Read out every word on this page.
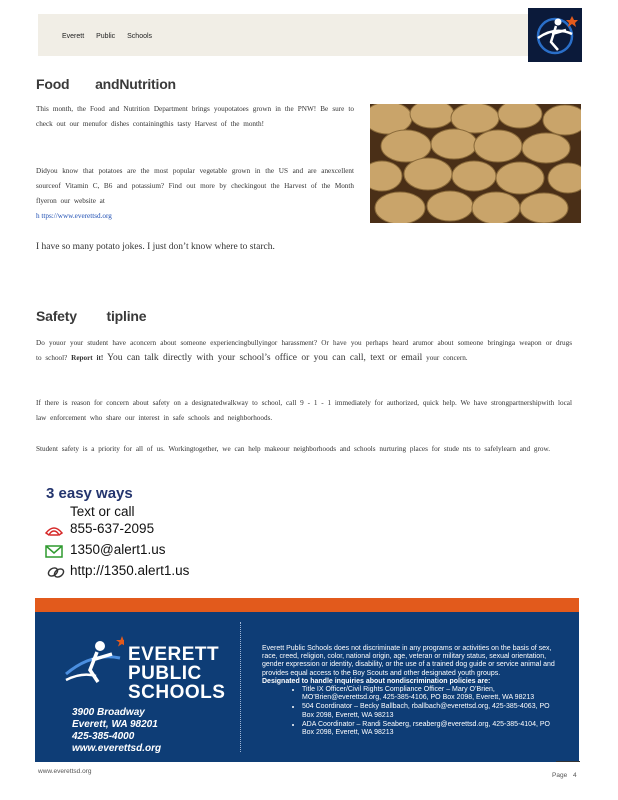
Everett Public Schools
Food andNutrition
This month, the Food and Nutrition Department brings youpotatoes grown in the PNW! Be sure to check out our menufor dishes containingthis tasty Harvest of the month!
Didyou know that potatoes are the most popular vegetable grown in the US and are anexcellent sourceof Vitamin C, B6 and potassium? Find out more by checkingout the Harvest of the Month flyeron our website at
h ttps://www.everettsd.org
I have so many potato jokes. I just don’t know where to starch.
Safety tipline
Do youor your student have aconcern about someone experiencingbullyingor harassment? Or have you perhaps heard arumor about someone bringinga weapon or drugs to school? Report it! You can talk directly with your school’s office or you can call, text or email your concern.
If there is reason for concern about safety on a designatedwalkway to school, call 9 - 1 - 1 immediately for authorized, quick help. We have strongpartnershipwith local law enforcement who share our interest in safe schools and neighborhoods.
Student safety is a priority for all of us. Workingtogether, we can help makeour neighborhoods and schools nurturing places for stude nts to safelylearn and grow.
3 easy ways
Text or call
855-637-2095
1350@alert1.us
http://1350.alert1.us
EVERETT
PUBLIC
SCHOOLS
3900 Broadway
Everett, WA 98201
425-385-4000
www.everettsd.org
Everett Public Schools does not discriminate in any programs or activities on the basis of sex, race, creed, religion, color, national origin, age, veteran or military status, sexual orientation, gender expression or identity, disability, or the use of a trained dog guide or service animal and provides equal access to the Boy Scouts and other designated youth groups.
Designated to handle inquiries about nondiscrimination policies are:
• Title IX Officer/Civil Rights Compliance Officer – Mary O’Brien, MO’Brien@everettsd.org, 425-385-4106, PO Box 2098, Everett, WA 98213
• 504 Coordinator – Becky Ballbach, rballbach@everettsd.org, 425-385-4063, PO Box 2098, Everett, WA 98213
• ADA Coordinator – Randi Seaberg, rseaberg@everettsd.org, 425-385-4104, PO Box 2098, Everett, WA 98213
www.everettsd.org
Page 4
